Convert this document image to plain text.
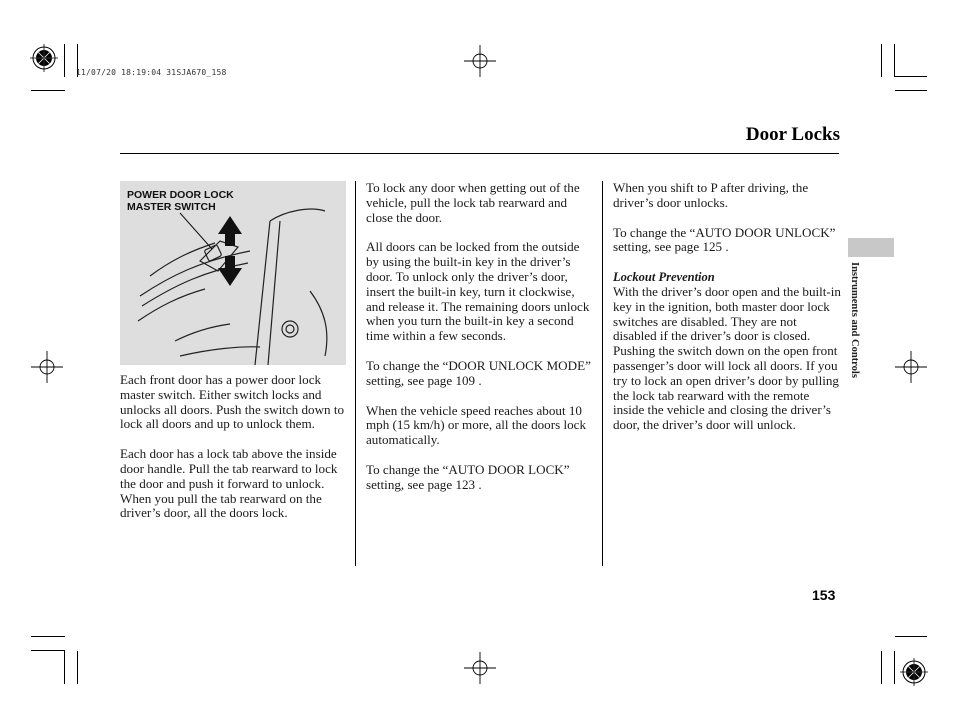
11/07/20 18:19:04 31SJA670_158
Door Locks
POWER DOOR LOCK
MASTER SWITCH

Each front door has a power door lock master switch. Either switch locks and unlocks all doors. Push the switch down to lock all doors and up to unlock them.

Each door has a lock tab above the inside door handle. Pull the tab rearward to lock the door and push it forward to unlock. When you pull the tab rearward on the driver’s door, all the doors lock.

To lock any door when getting out of the vehicle, pull the lock tab rearward and close the door.

All doors can be locked from the outside by using the built-in key in the driver’s door. To unlock only the driver’s door, insert the built-in key, turn it clockwise, and release it. The remaining doors unlock when you turn the built-in key a second time within a few seconds.

To change the “DOOR UNLOCK MODE” setting, see page 109 .

When the vehicle speed reaches about 10 mph (15 km/h) or more, all the doors lock automatically.

To change the “AUTO DOOR LOCK” setting, see page 123 .

When you shift to P after driving, the driver’s door unlocks.

To change the “AUTO DOOR UNLOCK” setting, see page 125 .

Lockout Prevention

With the driver’s door open and the built-in key in the ignition, both master door lock switches are disabled. They are not disabled if the driver’s door is closed. Pushing the switch down on the open front passenger’s door will lock all doors. If you try to lock an open driver’s door by pulling the lock tab rearward with the remote inside the vehicle and closing the driver’s door, the driver’s door will unlock.

Instruments and Controls
153
